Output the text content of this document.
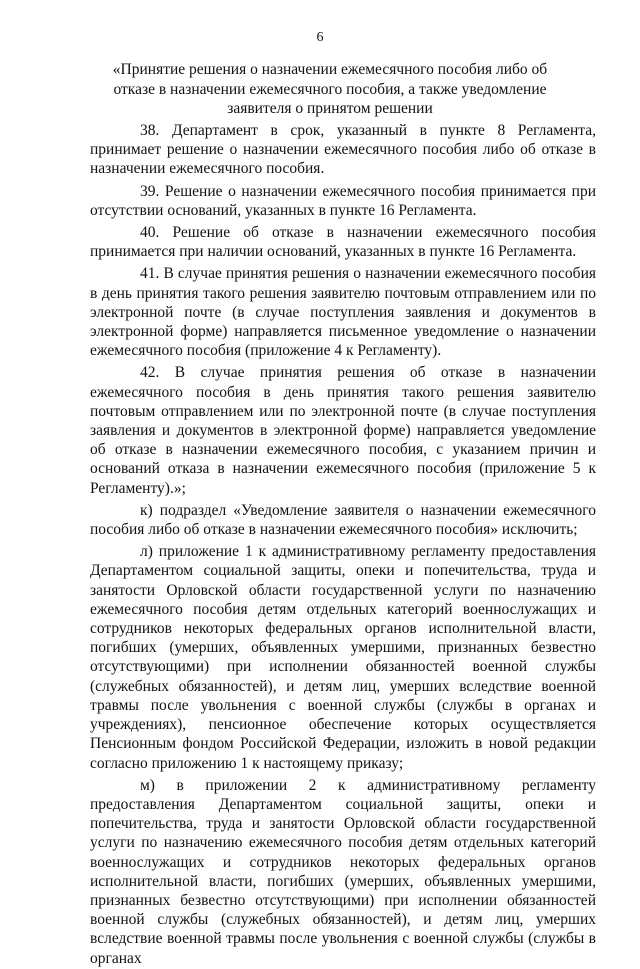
6
«Принятие решения о назначении ежемесячного пособия либо об отказе в назначении ежемесячного пособия, а также уведомление заявителя о принятом решении

38. Департамент в срок, указанный в пункте 8 Регламента, принимает решение о назначении ежемесячного пособия либо об отказе в назначении ежемесячного пособия.

39. Решение о назначении ежемесячного пособия принимается при отсутствии оснований, указанных в пункте 16 Регламента.

40. Решение об отказе в назначении ежемесячного пособия принимается при наличии оснований, указанных в пункте 16 Регламента.

41. В случае принятия решения о назначении ежемесячного пособия в день принятия такого решения заявителю почтовым отправлением или по электронной почте (в случае поступления заявления и документов в электронной форме) направляется письменное уведомление о назначении ежемесячного пособия (приложение 4 к Регламенту).

42. В случае принятия решения об отказе в назначении ежемесячного пособия в день принятия такого решения заявителю почтовым отправлением или по электронной почте (в случае поступления заявления и документов в электронной форме) направляется уведомление об отказе в назначении ежемесячного пособия, с указанием причин и оснований отказа в назначении ежемесячного пособия (приложение 5 к Регламенту).»;

к) подраздел «Уведомление заявителя о назначении ежемесячного пособия либо об отказе в назначении ежемесячного пособия» исключить;

л) приложение 1 к административному регламенту предоставления Департаментом социальной защиты, опеки и попечительства, труда и занятости Орловской области государственной услуги по назначению ежемесячного пособия детям отдельных категорий военнослужащих и сотрудников некоторых федеральных органов исполнительной власти, погибших (умерших, объявленных умершими, признанных безвестно отсутствующими) при исполнении обязанностей военной службы (служебных обязанностей), и детям лиц, умерших вследствие военной травмы после увольнения с военной службы (службы в органах и учреждениях), пенсионное обеспечение которых осуществляется Пенсионным фондом Российской Федерации, изложить в новой редакции согласно приложению 1 к настоящему приказу;

м) в приложении 2 к административному регламенту предоставления Департаментом социальной защиты, опеки и попечительства, труда и занятости Орловской области государственной услуги по назначению ежемесячного пособия детям отдельных категорий военнослужащих и сотрудников некоторых федеральных органов исполнительной власти, погибших (умерших, объявленных умершими, признанных безвестно отсутствующими) при исполнении обязанностей военной службы (служебных обязанностей), и детям лиц, умерших вследствие военной травмы после увольнения с военной службы (службы в органах
